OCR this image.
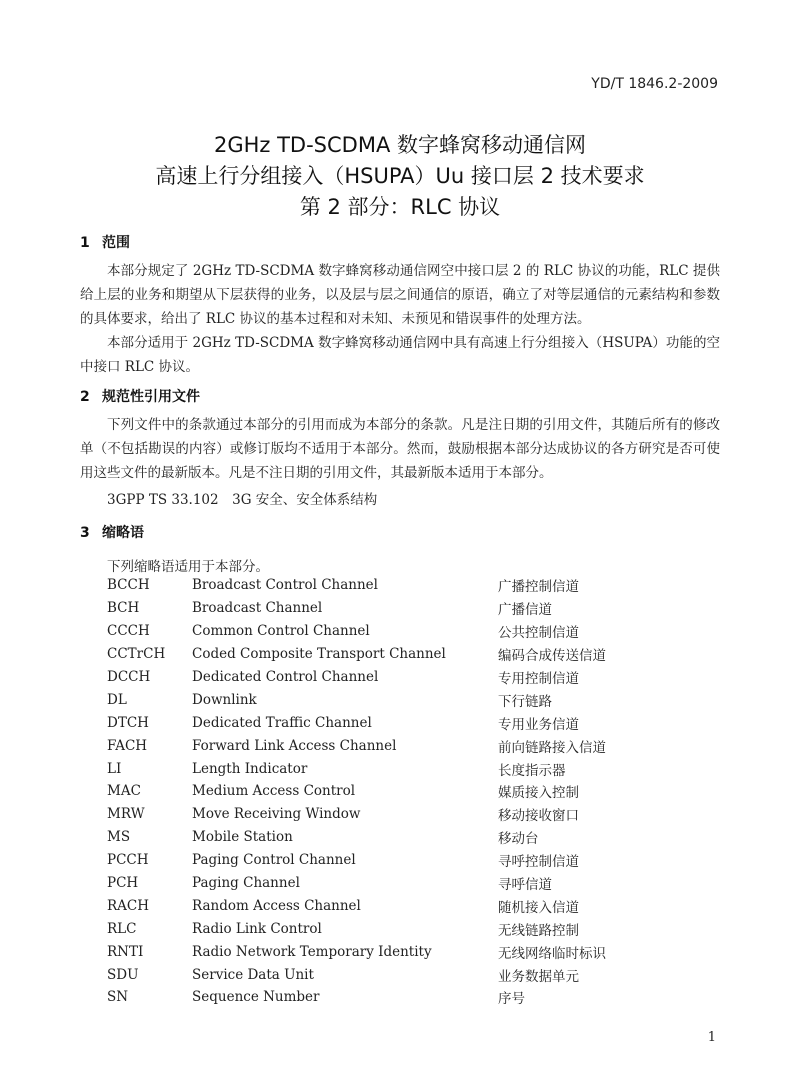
YD/T 1846.2-2009
2GHz TD-SCDMA 数字蜂窝移动通信网
高速上行分组接入（HSUPA）Uu 接口层 2 技术要求
第 2 部分：RLC 协议
1 范围

本部分规定了 2GHz TD-SCDMA 数字蜂窝移动通信网空中接口层 2 的 RLC 协议的功能，RLC 提供给上层的业务和期望从下层获得的业务，以及层与层之间通信的原语，确立了对等层通信的元素结构和参数的具体要求，给出了 RLC 协议的基本过程和对未知、未预见和错误事件的处理方法。

本部分适用于 2GHz TD-SCDMA 数字蜂窝移动通信网中具有高速上行分组接入（HSUPA）功能的空中接口 RLC 协议。

2 规范性引用文件

下列文件中的条款通过本部分的引用而成为本部分的条款。凡是注日期的引用文件，其随后所有的修改单（不包括勘误的内容）或修订版均不适用于本部分。然而，鼓励根据本部分达成协议的各方研究是否可使用这些文件的最新版本。凡是不注日期的引用文件，其最新版本适用于本部分。

3GPP TS 33.102　3G 安全、安全体系结构
3 缩略语
下列缩略语适用于本部分。
BCCH	Broadcast Control Channel	广播控制信道
BCH	Broadcast Channel	广播信道
CCCH	Common Control Channel	公共控制信道
CCTrCH	Coded Composite Transport Channel	编码合成传送信道
DCCH	Dedicated Control Channel	专用控制信道
DL	Downlink	下行链路
DTCH	Dedicated Traffic Channel	专用业务信道
FACH	Forward Link Access Channel	前向链路接入信道
LI	Length Indicator	长度指示器
MAC	Medium Access Control	媒质接入控制
MRW	Move Receiving Window	移动接收窗口
MS	Mobile Station	移动台
PCCH	Paging Control Channel	寻呼控制信道
PCH	Paging Channel	寻呼信道
RACH	Random Access Channel	随机接入信道
RLC	Radio Link Control	无线链路控制
RNTI	Radio Network Temporary Identity	无线网络临时标识
SDU	Service Data Unit	业务数据单元
SN	Sequence Number	序号
1
